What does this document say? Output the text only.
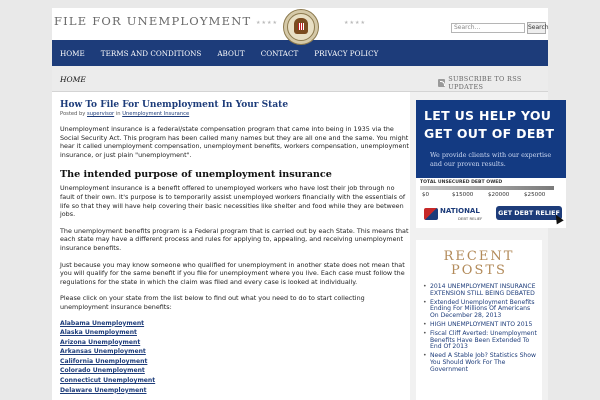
FILE FOR UNEMPLOYMENT ★★★★	★★★★
Search...	Search
HOME	TERMS AND CONDITIONS	ABOUT	CONTACT	PRIVACY POLICY
HOME	SUBSCRIBE TO RSS UPDATES
How To File For Unemployment In Your State
Posted by supervisor in Unemployment Insurance

Unemployment insurance is a federal/state compensation program that came into being in 1935 via the Social Security Act. This program has been called many names but they are all one and the same. You might hear it called unemployment compensation, unemployment benefits, workers compensation, unemployment insurance, or just plain "unemployment".

The intended purpose of unemployment insurance

Unemployment insurance is a benefit offered to unemployed workers who have lost their job through no fault of their own. It's purpose is to temporarily assist unemployed workers financially with the essentials of life so that they will have help covering their basic necessities like shelter and food while they are between jobs.

The unemployment benefits program is a Federal program that is carried out by each State. This means that each state may have a different process and rules for applying to, appealing, and receiving unemployment insurance benefits.

Just because you may know someone who qualified for unemployment in another state does not mean that you will qualify for the same benefit if you file for unemployment where you live. Each case must follow the regulations for the state in which the claim was filed and every case is looked at individually.

Please click on your state from the list below to find out what you need to do to start collecting unemployment insurance benefits:

Alabama Unemployment
Alaska Unemployment
Arizona Unemployment
Arkansas Unemployment
California Unemployment
Colorado Unemployment
Connecticut Unemployment
Delaware Unemployment
LET US HELP YOU
GET OUT OF DEBT
We provide clients with our expertise
and our proven results.
TOTAL UNSECURED DEBT OWED
$0	$15000	$20000	$25000
NATIONAL
DEBT RELIEF
GET DEBT RELIEF
RECENT
POSTS
• 2014 UNEMPLOYMENT INSURANCE EXTENSION STILL BEING DEBATED
• Extended Unemployment Benefits Ending For Millions Of Americans On December 28, 2013
• HIGH UNEMPLOYMENT INTO 2015
• Fiscal Cliff Averted: Unemployment Benefits Have Been Extended To End Of 2013
• Need A Stable Job? Statistics Show You Should Work For The Government
